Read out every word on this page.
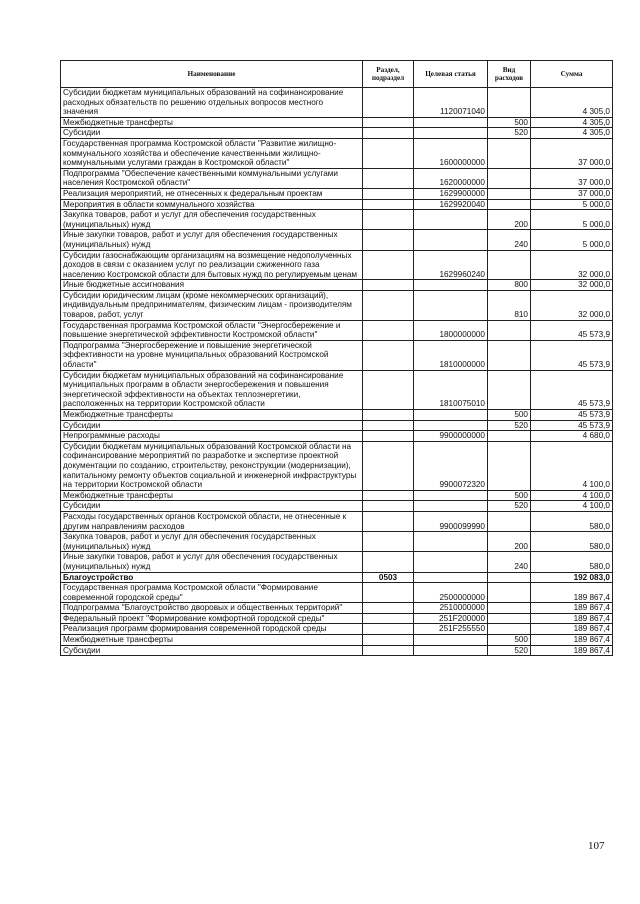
Наименование	Раздел, подраздел	Целевая статья	Вид расходов	Сумма
Субсидии бюджетам муниципальных образований на софинансирование расходных обязательств по решению отдельных вопросов местного значения		1120071040		4 305,0
Межбюджетные трансферты			500	4 305,0
Субсидии			520	4 305,0
Государственная программа Костромской области "Развитие жилищно-коммунального хозяйства и обеспечение качественными жилищно-коммунальными услугами граждан в Костромской области"		1600000000		37 000,0
Подпрограмма "Обеспечение качественными коммунальными услугами населения Костромской области"		1620000000		37 000,0
Реализация мероприятий, не отнесенных к федеральным проектам		1629900000		37 000,0
Мероприятия в области коммунального хозяйства		1629920040		5 000,0
Закупка товаров, работ и услуг для обеспечения государственных (муниципальных) нужд			200	5 000,0
Иные закупки товаров, работ и услуг для обеспечения государственных (муниципальных) нужд			240	5 000,0
Субсидии газоснабжающим организациям на возмещение недополученных доходов в связи с оказанием услуг по реализации сжиженного газа населению Костромской области для бытовых нужд по регулируемым ценам		1629960240		32 000,0
Иные бюджетные ассигнования			800	32 000,0
Субсидии юридическим лицам (кроме некоммерческих организаций), индивидуальным предпринимателям, физическим лицам - производителям товаров, работ, услуг			810	32 000,0
Государственная программа Костромской области "Энергосбережение и повышение энергетической эффективности Костромской области"		1800000000		45 573,9
Подпрограмма "Энергосбережение и повышение энергетической эффективности на уровне муниципальных образований Костромской области"		1810000000		45 573,9
Субсидии бюджетам муниципальных образований на софинансирование муниципальных программ в области энергосбережения и повышения энергетической эффективности на объектах теплоэнергетики, расположенных на территории Костромской области		1810075010		45 573,9
Межбюджетные трансферты			500	45 573,9
Субсидии			520	45 573,9
Непрограммные расходы		9900000000		4 680,0
Субсидии бюджетам муниципальных образований Костромской области на софинансирование мероприятий по разработке и экспертизе проектной документации по созданию, строительству, реконструкции (модернизации), капитальному ремонту объектов социальной и инженерной инфраструктуры на территории Костромской области		9900072320		4 100,0
Межбюджетные трансферты			500	4 100,0
Субсидии			520	4 100,0
Расходы государственных органов Костромской области, не отнесенные к другим направлениям расходов		9900099990		580,0
Закупка товаров, работ и услуг для обеспечения государственных (муниципальных) нужд			200	580,0
Иные закупки товаров, работ и услуг для обеспечения государственных (муниципальных) нужд			240	580,0
Благоустройство	0503			192 083,0
Государственная программа Костромской области "Формирование современной городской среды"		2500000000		189 867,4
Подпрограмма "Благоустройство дворовых и общественных территорий"		2510000000		189 867,4
Федеральный проект "Формирование комфортной городской среды"		251F200000		189 867,4
Реализация программ формирования современной городской среды		251F255550		189 867,4
Межбюджетные трансферты			500	189 867,4
Субсидии			520	189 867,4
107
